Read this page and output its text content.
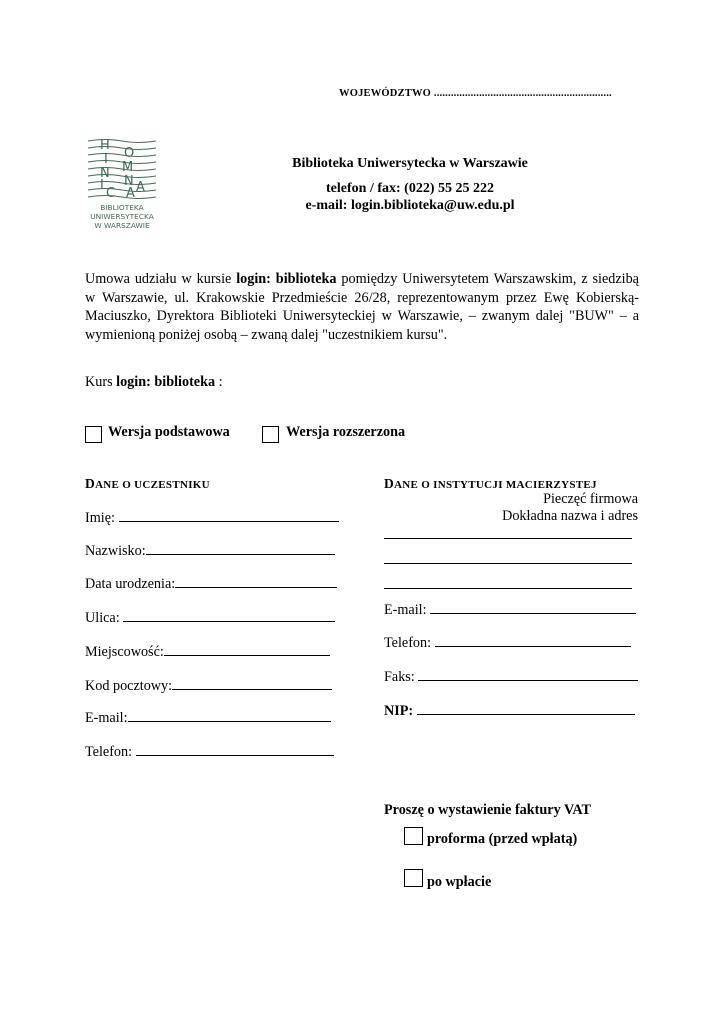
WOJEWÓDZTWO ...............................................................
H
O
I
M
N
N
I
C A A
BIBLIOTEKA
UNIWERSYTECKA
W WARSZAWIE
Biblioteka Uniwersytecka w Warszawie
telefon / fax: (022) 55 25 222
e-mail: login.biblioteka@uw.edu.pl

Umowa udziału w kursie login: biblioteka pomiędzy Uniwersytetem Warszawskim, z siedzibą w Warszawie, ul. Krakowskie Przedmieście 26/28, reprezentowanym przez Ewę Kobierską-Maciuszko, Dyrektora Biblioteki Uniwersyteckiej w Warszawie, – zwanym dalej "BUW" – a wymienioną poniżej osobą – zwaną dalej "uczestnikiem kursu".

Kurs login: biblioteka :
Wersja podstawowa	Wersja rozszerzona
DANE O UCZESTNIKU
Imię:
Nazwisko:
Data urodzenia:
Ulica:
Miejscowość:
Kod pocztowy:
E-mail:
Telefon:
DANE O INSTYTUCJI MACIERZYSTEJ
Pieczęć firmowa
Dokładna nazwa i adres
E-mail:
Telefon:
Faks:
NIP:
Proszę o wystawienie faktury VAT
proforma (przed wpłatą)
po wpłacie
